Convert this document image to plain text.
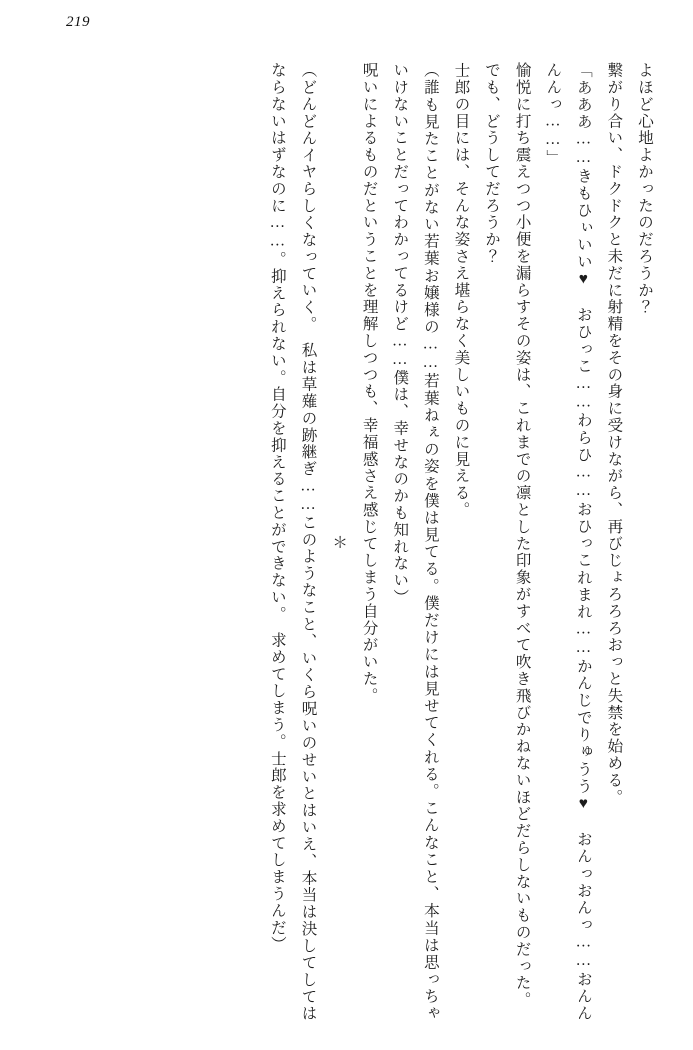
219

よほど心地よかったのだろうか？

繋がり合い、ドクドクと未だに射精をその身に受けながら、再びじょろろろおっと失禁を始める。

「あああ……きもひぃいい♥　おひっこ……わらひ……おひっこれまれ……かんじでりゅうう♥　おんっおんっ……おんんんんっ……」

愉悦に打ち震えつつ小便を漏らすその姿は、これまでの凛とした印象がすべて吹き飛びかねないほどだらしないものだった。

でも、どうしてだろうか？

士郎の目には、そんな姿さえ堪らなく美しいものに見える。

（誰も見たことがない若葉お嬢様の……若葉ねぇの姿を僕は見てる。僕だけには見せてくれる。こんなこと、本当は思っちゃいけないことだってわかってるけど……僕は、幸せなのかも知れない）

呪いによるものだということを理解しつつも、幸福感さえ感じてしまう自分がいた。

＊

（どんどんイヤらしくなっていく。　私は草薙の跡継ぎ……このようなこと、いくら呪いのせいとはいえ、本当は決してしてはならないはずなのに……。抑えられない。自分を抑えることができない。　求めてしまう。士郎を求めてしまうんだ）
